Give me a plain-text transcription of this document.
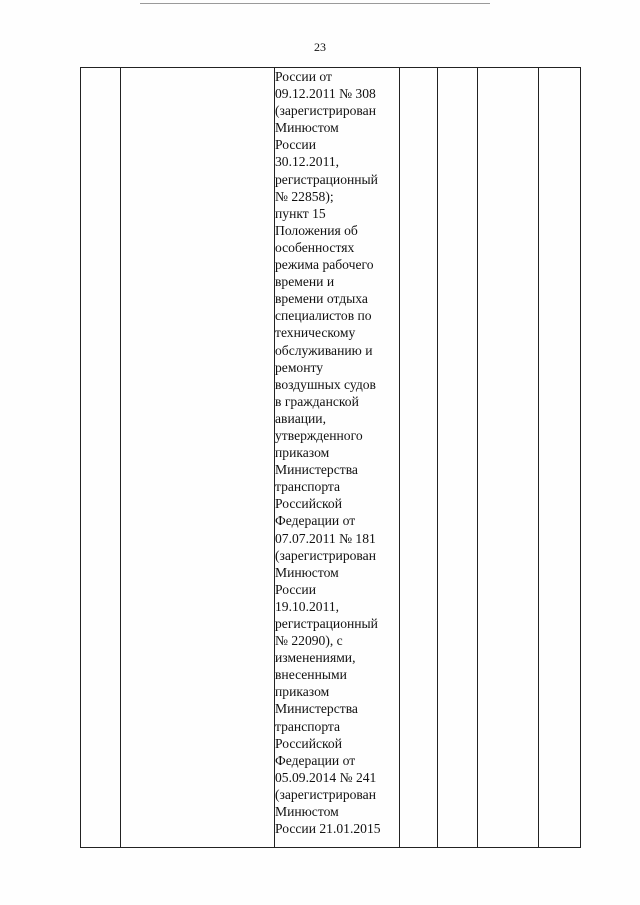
23
		России от
09.12.2011 № 308
(зарегистрирован
Минюстом
России
30.12.2011,
регистрационный
№ 22858);
пункт 15
Положения об
особенностях
режима рабочего
времени и
времени отдыха
специалистов по
техническому
обслуживанию и
ремонту
воздушных судов
в гражданской
авиации,
утвержденного
приказом
Министерства
транспорта
Российской
Федерации от
07.07.2011 № 181
(зарегистрирован
Минюстом
России
19.10.2011,
регистрационный
№ 22090), с
изменениями,
внесенными
приказом
Министерства
транспорта
Российской
Федерации от
05.09.2014 № 241
(зарегистрирован
Минюстом
России 21.01.2015				
